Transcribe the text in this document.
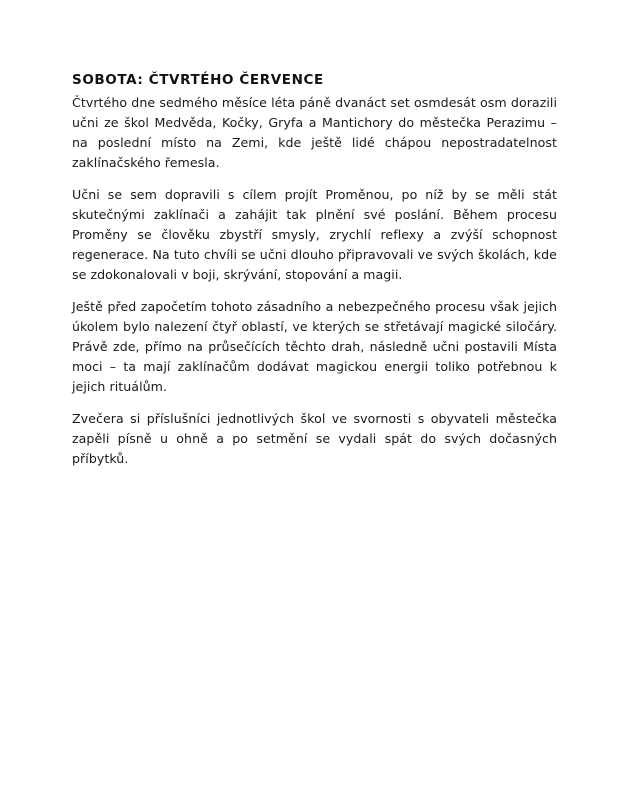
SOBOTA: ČTVRTÉHO ČERVENCE

Čtvrtého dne sedmého měsíce léta páně dvanáct set osmdesát osm dorazili učni ze škol Medvěda, Kočky, Gryfa a Mantichory do městečka Perazimu – na poslední místo na Zemi, kde ještě lidé chápou nepostradatelnost zaklínačského řemesla.

Učni se sem dopravili s cílem projít Proměnou, po níž by se měli stát skutečnými zaklínači a zahájit tak plnění své poslání. Během procesu Proměny se člověku zbystří smysly, zrychlí reflexy a zvýší schopnost regenerace. Na tuto chvíli se učni dlouho připravovali ve svých školách, kde se zdokonalovali v boji, skrývání, stopování a magii.

Ještě před započetím tohoto zásadního a nebezpečného procesu však jejich úkolem bylo nalezení čtyř oblastí, ve kterých se střetávají magické siločáry. Právě zde, přímo na průsečících těchto drah, následně učni postavili Místa moci – ta mají zaklínačům dodávat magickou energii toliko potřebnou k jejich rituálům.

Zvečera si příslušníci jednotlivých škol ve svornosti s obyvateli městečka zapěli písně u ohně a po setmění se vydali spát do svých dočasných příbytků.
